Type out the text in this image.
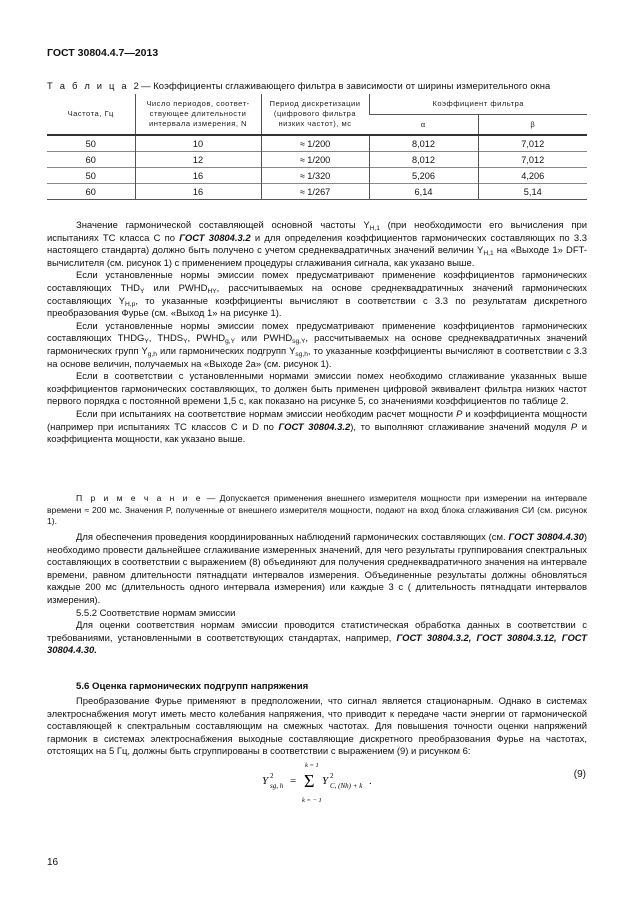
ГОСТ 30804.4.7—2013
Т а б л и ц а 2— Коэффициенты сглаживающего фильтра в зависимости от ширины измерительного окна
Частота, Гц	Число периодов, соответ-ствующее длительности интервала измерения, N	Период дискретизации (цифрового фильтра низких частот), мс	Коэффициент фильтра	
			α	β
50	10	≈ 1/200	8,012	7,012
60	12	≈ 1/200	8,012	7,012
50	16	≈ 1/320	5,206	4,206
60	16	≈ 1/267	6,14	5,14

Значение гармонической составляющей основной частоты $Y_{H,1}$ (при необходимости его вычисления при испытаниях ТС класса С по ГОСТ 30804.3.2 и для определения коэффициентов гармонических составляющих по 3.3 настоящего стандарта) должно быть получено с учетом среднеквадратичных значений величин $Y_{H,1}$ на «Выходе 1» DFT-вычислителя (см. рисунок 1) с применением процедуры сглаживания сигнала, как указано выше.

Если установленные нормы эмиссии помех предусматривают применение коэффициентов гармонических составляющих $THD_Y$ или $PWHD_{HY}$, рассчитываемых на основе среднеквадратичных значений гармонических составляющих $Y_{H,p}$, то указанные коэффициенты вычисляют в соответствии с 3.3 по результатам дискретного преобразования Фурье (см. «Выход 1» на рисунке 1).

Если установленные нормы эмиссии помех предусматривают применение коэффициентов гармонических составляющих $THDG_Y$, $THDS_Y$, $PWHD_{g,Y}$ или $PWHD_{sg,Y}$, рассчитываемых на основе среднеквадратичных значений гармонических групп $Y_{g,h}$ или гармонических подгрупп $Y_{sg,h}$, то указанные коэффициенты вычисляют в соответствии с 3.3 на основе величин, получаемых на «Выходе 2а» (см. рисунок 1).

Если в соответствии с установленными нормами эмиссии помех необходимо сглаживание указанных выше коэффициентов гармонических составляющих, то должен быть применен цифровой эквивалент фильтра низких частот первого порядка с постоянной времени 1,5 с, как показано на рисунке 5, со значениями коэффициентов по таблице 2.

Если при испытаниях на соответствие нормам эмиссии необходим расчет мощности P и коэффициента мощности (например при испытаниях ТС классов С и D по ГОСТ 30804.3.2), то выполняют сглаживание значений модуля P и коэффициента мощности, как указано выше.

П р и м е ч а н и е — Допускается применения внешнего измерителя мощности при измерении на интервале времени ≈ 200 мс. Значения P, полученные от внешнего измерителя мощности, подают на вход блока сглаживания СИ (см. рисунок 1).

Для обеспечения проведения координированных наблюдений гармонических составляющих (см. ГОСТ 30804.4.30) необходимо провести дальнейшее сглаживание измеренных значений, для чего результаты группирования спектральных составляющих в соответствии с выражением (8) объединяют для получения среднеквадратичного значения на интервале времени, равном длительности пятнадцати интервалов измерения. Объединенные результаты должны обновляться каждые 200 мс (длительность одного интервала измерения) или каждые 3 с ( длительность пятнадцати интервалов измерения).

5.5.2 Соответствие нормам эмиссии

Для оценки соответствия нормам эмиссии проводится статистическая обработка данных в соответствии с требованиями, установленными в соответствующих стандартах, например, ГОСТ 30804.3.2, ГОСТ 30804.3.12, ГОСТ 30804.4.30.

5.6 Оценка гармонических подгрупп напряжения

Преобразование Фурье применяют в предположении, что сигнал является стационарным. Однако в системах электроснабжения могут иметь место колебания напряжения, что приводит к передаче части энергии от гармонической составляющей к спектральным составляющим на смежных частотах. Для повышения точности оценки напряжений гармоник в системах электроснабжения выходные составляющие дискретного преобразования Фурье на частотах, отстоящих на 5 Гц, должны быть сгруппированы в соответствии с выражением (9) и рисунком 6:

Y 2
sg, h = Σ
k = 1
k = − 1
Y 2
C, (Nh) + k .
(9)
16
